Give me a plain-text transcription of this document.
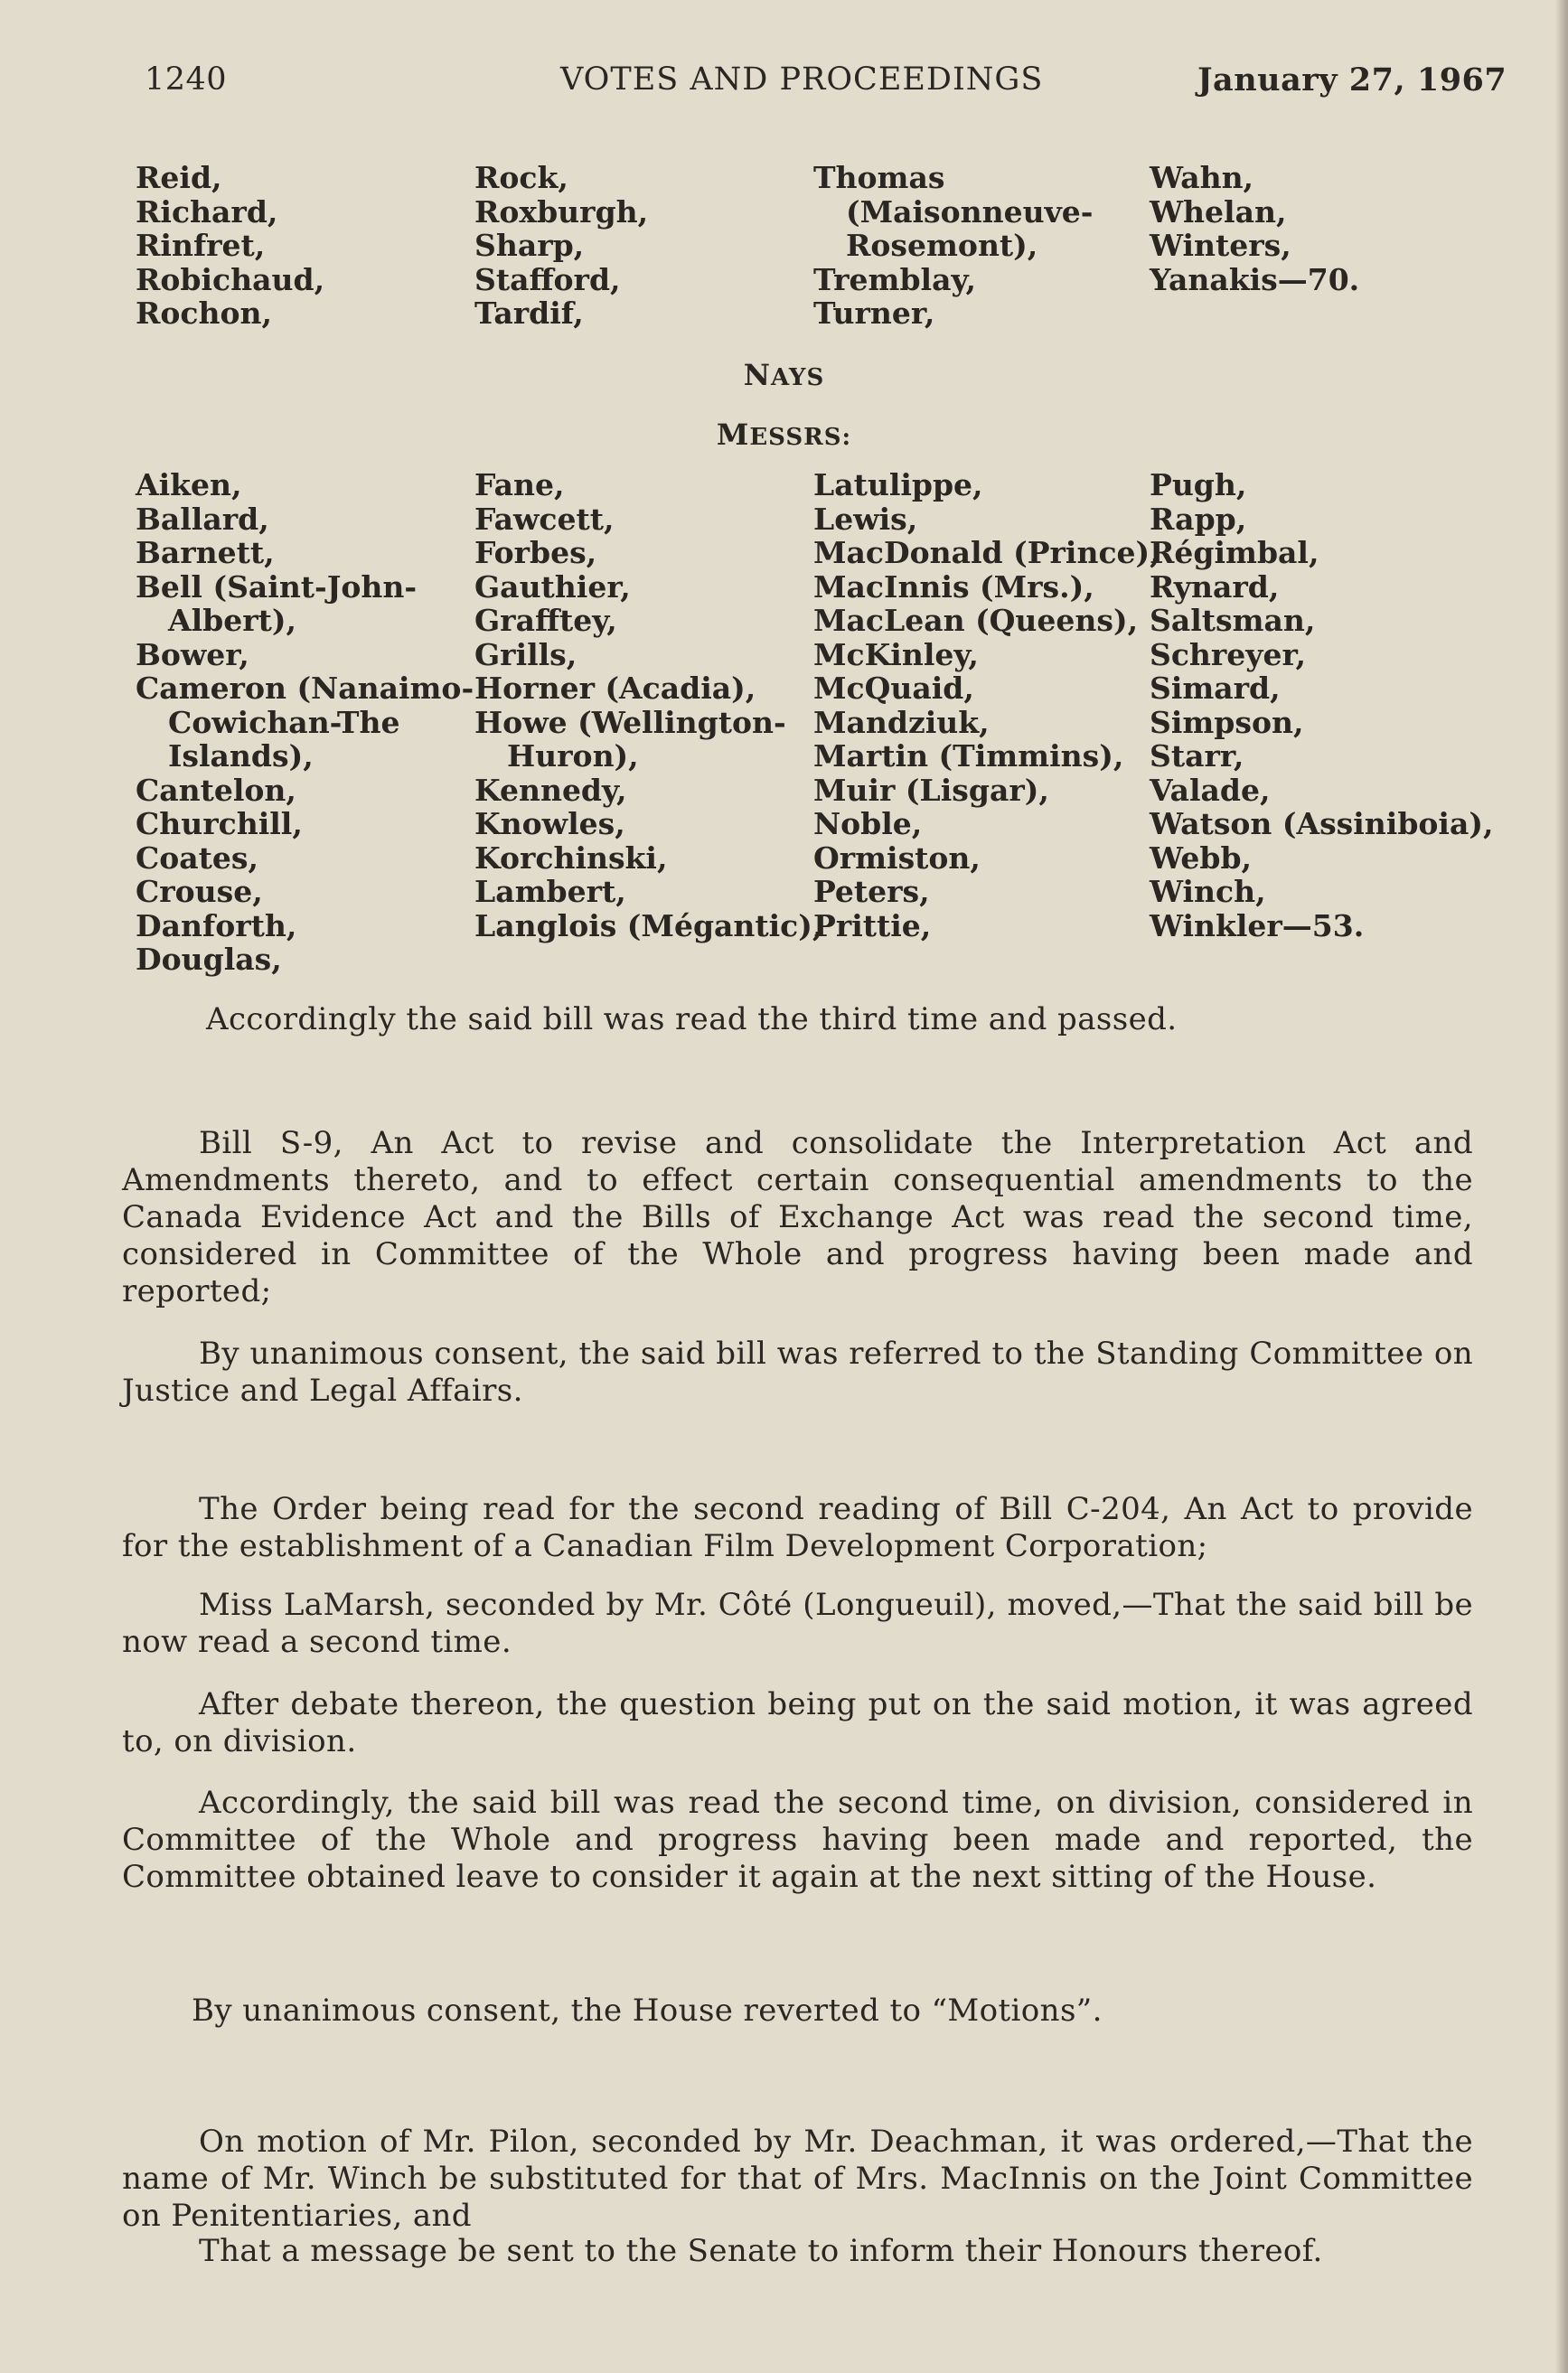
1240	VOTES AND PROCEEDINGS	January 27, 1967
Reid,
Richard,
Rinfret,
Robichaud,
Rochon,
Rock,
Roxburgh,
Sharp,
Stafford,
Tardif,
Thomas
(Maisonneuve-
Rosemont),
Tremblay,
Turner,
Wahn,
Whelan,
Winters,
Yanakis—70.
NAYS
MESSRS:
Aiken,
Ballard,
Barnett,
Bell (Saint-John-
Albert),
Bower,
Cameron (Nanaimo-
Cowichan-The
Islands),
Cantelon,
Churchill,
Coates,
Crouse,
Danforth,
Douglas,
Fane,
Fawcett,
Forbes,
Gauthier,
Grafftey,
Grills,
Horner (Acadia),
Howe (Wellington-
Huron),
Kennedy,
Knowles,
Korchinski,
Lambert,
Langlois (Mégantic),
Latulippe,
Lewis,
MacDonald (Prince),
MacInnis (Mrs.),
MacLean (Queens),
McKinley,
McQuaid,
Mandziuk,
Martin (Timmins),
Muir (Lisgar),
Noble,
Ormiston,
Peters,
Prittie,
Pugh,
Rapp,
Régimbal,
Rynard,
Saltsman,
Schreyer,
Simard,
Simpson,
Starr,
Valade,
Watson (Assiniboia),
Webb,
Winch,
Winkler—53.
Accordingly the said bill was read the third time and passed.
Bill S-9, An Act to revise and consolidate the Interpretation Act and Amendments thereto, and to effect certain consequential amendments to the Canada Evidence Act and the Bills of Exchange Act was read the second time, considered in Committee of the Whole and progress having been made and reported;
By unanimous consent, the said bill was referred to the Standing Committee on Justice and Legal Affairs.
The Order being read for the second reading of Bill C-204, An Act to provide for the establishment of a Canadian Film Development Corporation;
Miss LaMarsh, seconded by Mr. Côté (Longueuil), moved,—That the said bill be now read a second time.
After debate thereon, the question being put on the said motion, it was agreed to, on division.
Accordingly, the said bill was read the second time, on division, considered in Committee of the Whole and progress having been made and reported, the Committee obtained leave to consider it again at the next sitting of the House.
By unanimous consent, the House reverted to “Motions”.
On motion of Mr. Pilon, seconded by Mr. Deachman, it was ordered,—That the name of Mr. Winch be substituted for that of Mrs. MacInnis on the Joint Committee on Penitentiaries, and
That a message be sent to the Senate to inform their Honours thereof.
